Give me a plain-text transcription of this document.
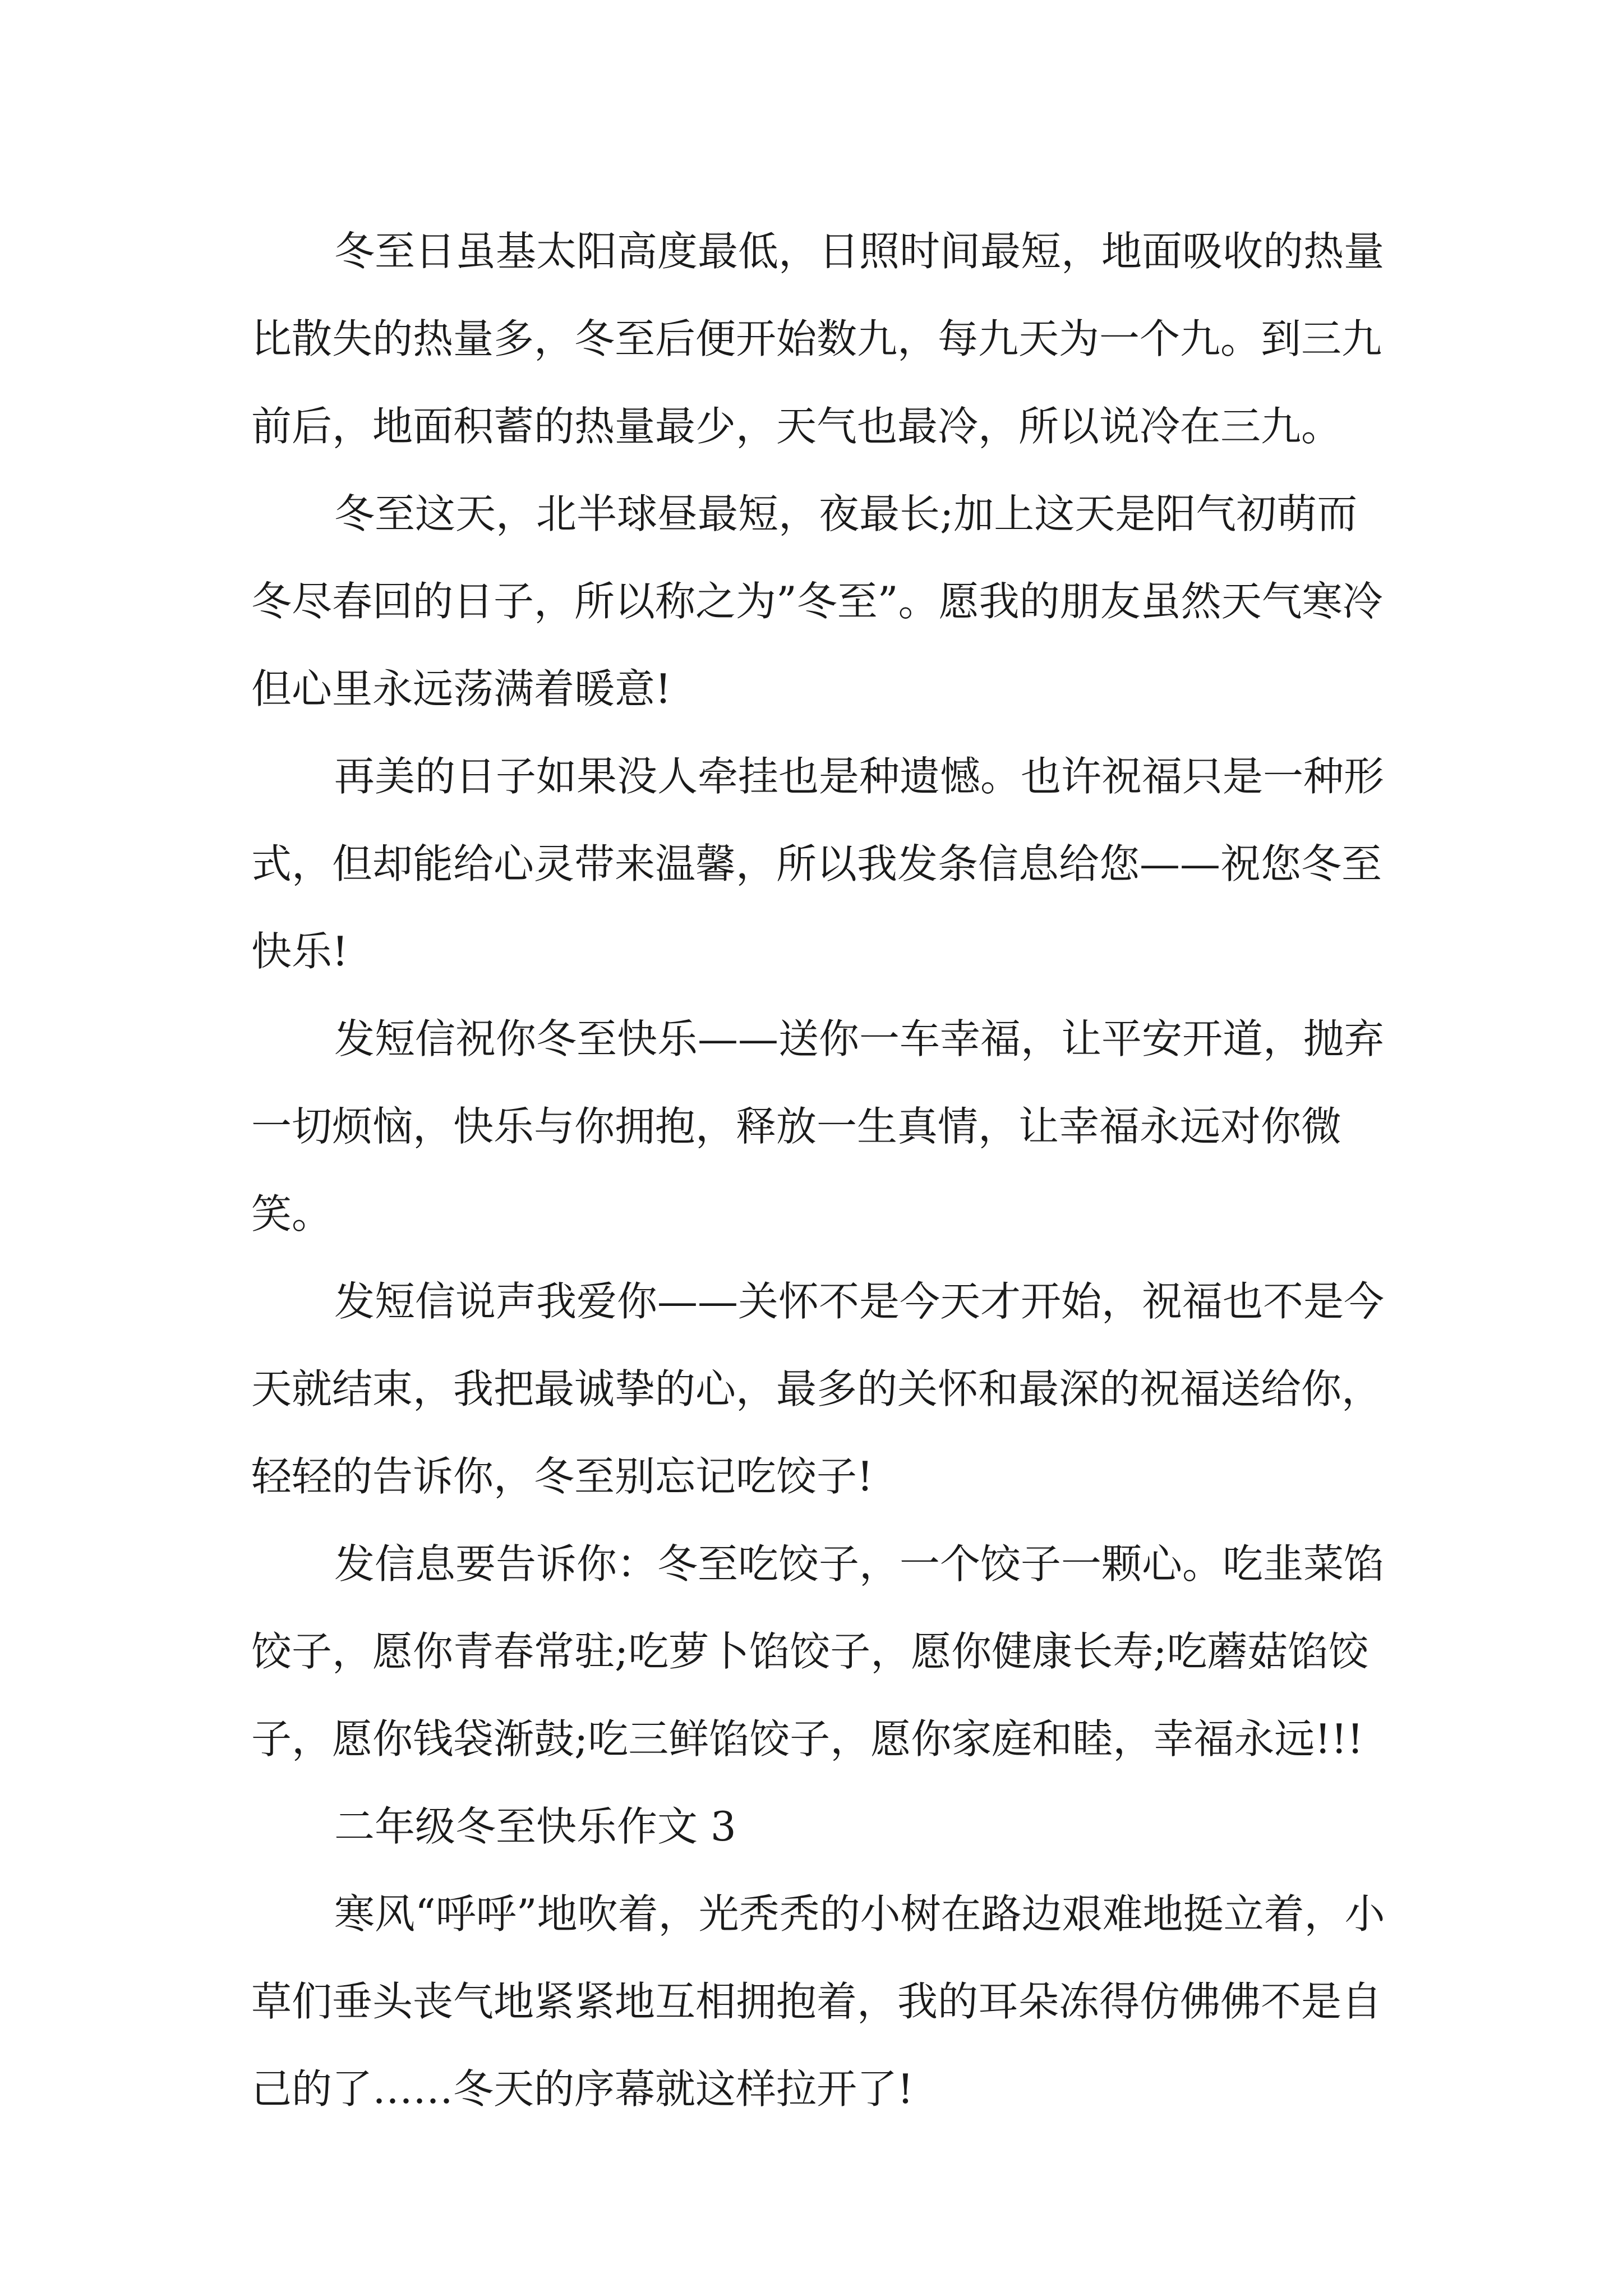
冬至日虽基太阳高度最低，日照时间最短，地面吸收的热量比散失的热量多，冬至后便开始数九，每九天为一个九。到三九前后，地面积蓄的热量最少，天气也最冷，所以说冷在三九。

冬至这天，北半球昼最短，夜最长;加上这天是阳气初萌而冬尽春回的日子，所以称之为”冬至”。愿我的朋友虽然天气寒冷但心里永远荡满着暖意!

再美的日子如果没人牵挂也是种遗憾。也许祝福只是一种形式，但却能给心灵带来温馨，所以我发条信息给您——祝您冬至快乐!

发短信祝你冬至快乐——送你一车幸福，让平安开道，抛弃一切烦恼，快乐与你拥抱，释放一生真情，让幸福永远对你微笑。

发短信说声我爱你——关怀不是今天才开始，祝福也不是今天就结束，我把最诚挚的心，最多的关怀和最深的祝福送给你，轻轻的告诉你，冬至别忘记吃饺子!

发信息要告诉你：冬至吃饺子，一个饺子一颗心。吃韭菜馅饺子，愿你青春常驻;吃萝卜馅饺子，愿你健康长寿;吃蘑菇馅饺子，愿你钱袋渐鼓;吃三鲜馅饺子，愿你家庭和睦，幸福永远!!!

二年级冬至快乐作文 3

寒风“呼呼”地吹着，光秃秃的小树在路边艰难地挺立着，小草们垂头丧气地紧紧地互相拥抱着，我的耳朵冻得仿佛佛不是自己的了……冬天的序幕就这样拉开了!
